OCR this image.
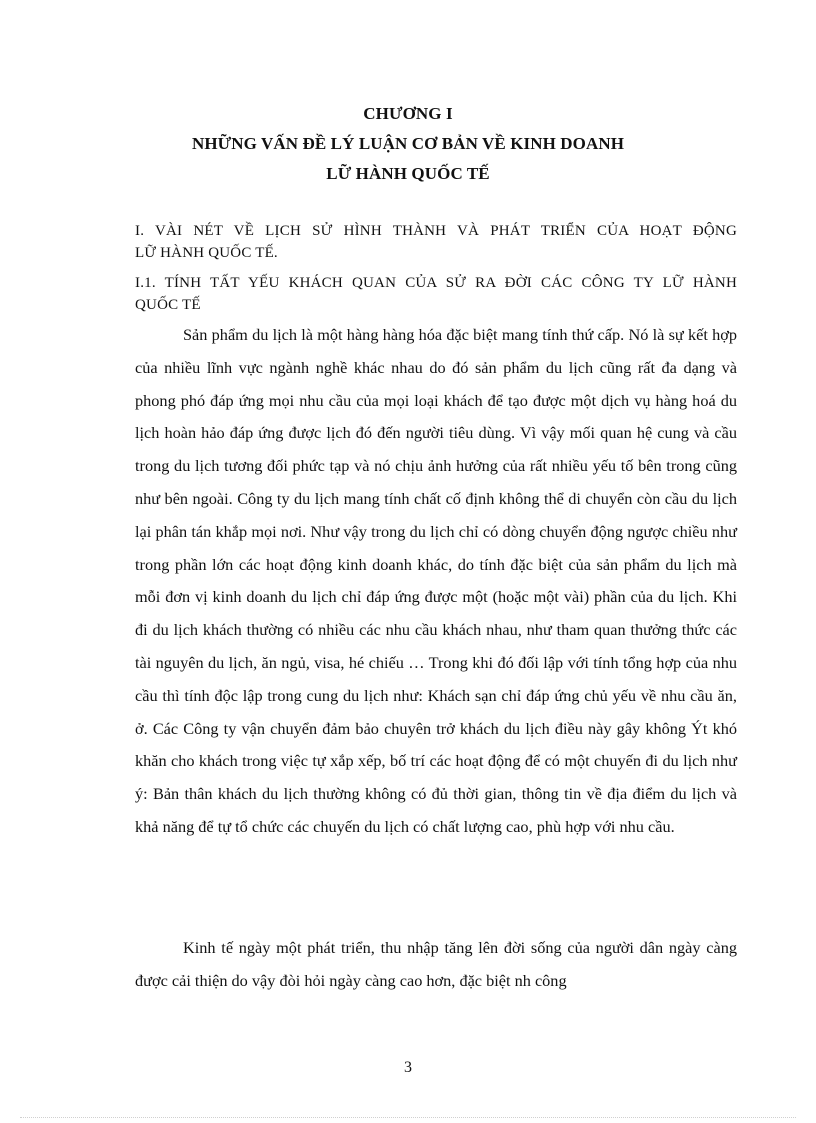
CHƯƠNG I
NHỮNG VẤN ĐỀ LÝ LUẬN CƠ BẢN VỀ KINH DOANH
LỮ HÀNH QUỐC TẾ
I. VÀI NÉT VỀ LỊCH SỬ HÌNH THÀNH VÀ PHÁT TRIỂN CỦA HOẠT ĐỘNG
LỮ HÀNH QUỐC TẾ.
I.1. TÍNH TẤT YẾU KHÁCH QUAN CỦA SỬ RA ĐỜI CÁC CÔNG TY LỮ HÀNH
QUỐC TẾ

Sản phẩm du lịch là một hàng hàng hóa đặc biệt mang tính thứ cấp. Nó là sự kết hợp của nhiều lĩnh vực ngành nghề khác nhau do đó sản phẩm du lịch cũng rất đa dạng và phong phó đáp ứng mọi nhu cầu của mọi loại khách để tạo được một dịch vụ hàng hoá du lịch hoàn hảo đáp ứng được lịch đó đến người tiêu dùng. Vì vậy mối quan hệ cung và cầu trong du lịch tương đối phức tạp và nó chịu ảnh hưởng của rất nhiều yếu tố bên trong cũng như bên ngoài. Công ty du lịch mang tính chất cố định không thể di chuyển còn cầu du lịch lại phân tán khắp mọi nơi. Như vậy trong du lịch chỉ có dòng chuyển động ngược chiều như trong phần lớn các hoạt động kinh doanh khác, do tính đặc biệt của sản phẩm du lịch mà mỗi đơn vị kinh doanh du lịch chỉ đáp ứng được một (hoặc một vài) phần của du lịch. Khi đi du lịch khách thường có nhiều các nhu cầu khách nhau, như tham quan thưởng thức các tài nguyên du lịch, ăn ngủ, visa, hé chiếu … Trong khi đó đối lập với tính tổng hợp của nhu cầu thì tính độc lập trong cung du lịch như: Khách sạn chỉ đáp ứng chủ yếu về nhu cầu ăn, ở. Các Công ty vận chuyển đảm bảo chuyên trở khách du lịch điều này gây không Ýt khó khăn cho khách trong việc tự xắp xếp, bố trí các hoạt động để có một chuyến đi du lịch như ý: Bản thân khách du lịch thường không có đủ thời gian, thông tin về địa điểm du lịch và khả năng để tự tổ chức các chuyến du lịch có chất lượng cao, phù hợp với nhu cầu.

Kinh tế ngày một phát triển, thu nhập tăng lên đời sống của người dân ngày càng được cải thiện do vậy đòi hỏi ngày càng cao hơn, đặc biệt nh công

3
